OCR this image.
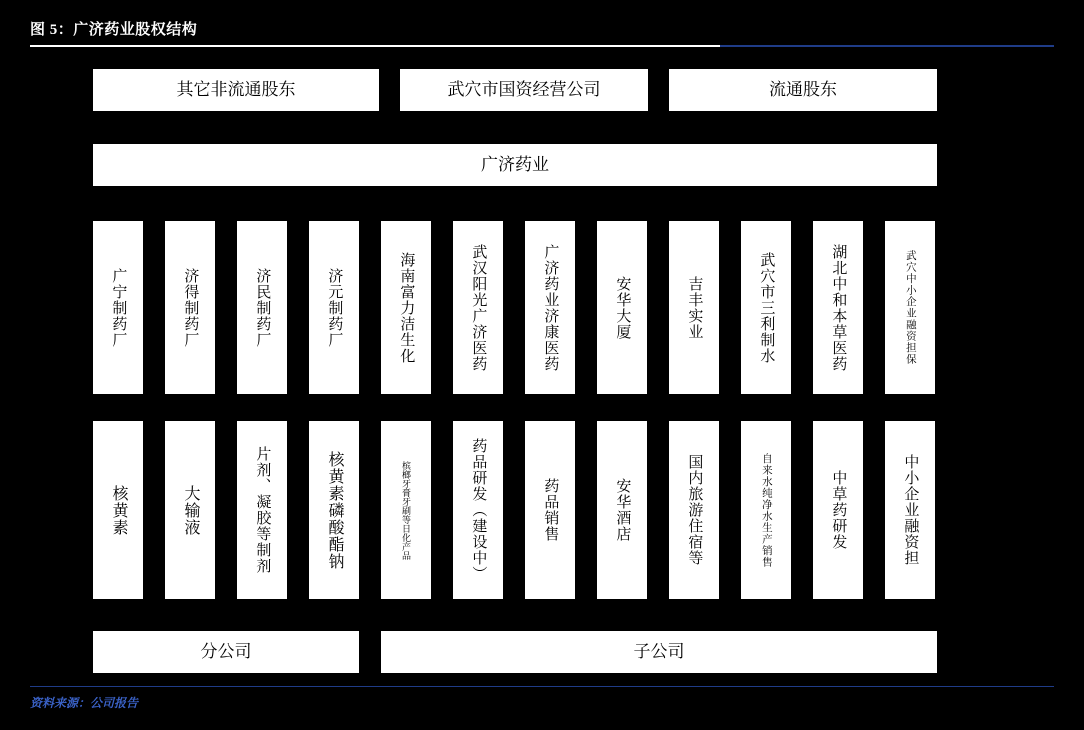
图 5：广济药业股权结构
其它非流通股东	武穴市国资经营公司	流通股东
广济药业
广宁制药厂	济得制药厂	济民制药厂	济元制药厂	海南富力洁生化	武汉阳光广济医药	广济药业济康医药	安华大厦	吉丰实业	武穴市三利制水	湖北中和本草医药	武穴中小企业融资担保
核黄素	大输液	片剂、凝胶等制剂	核黄素磷酸酯钠	槟榔牙膏牙刷等日化产品	药品研发（建设中）	药品销售	安华酒店	国内旅游住宿等	自来水纯净水生产销售	中草药研发	中小企业融资担
分公司	子公司
资料来源：公司报告
